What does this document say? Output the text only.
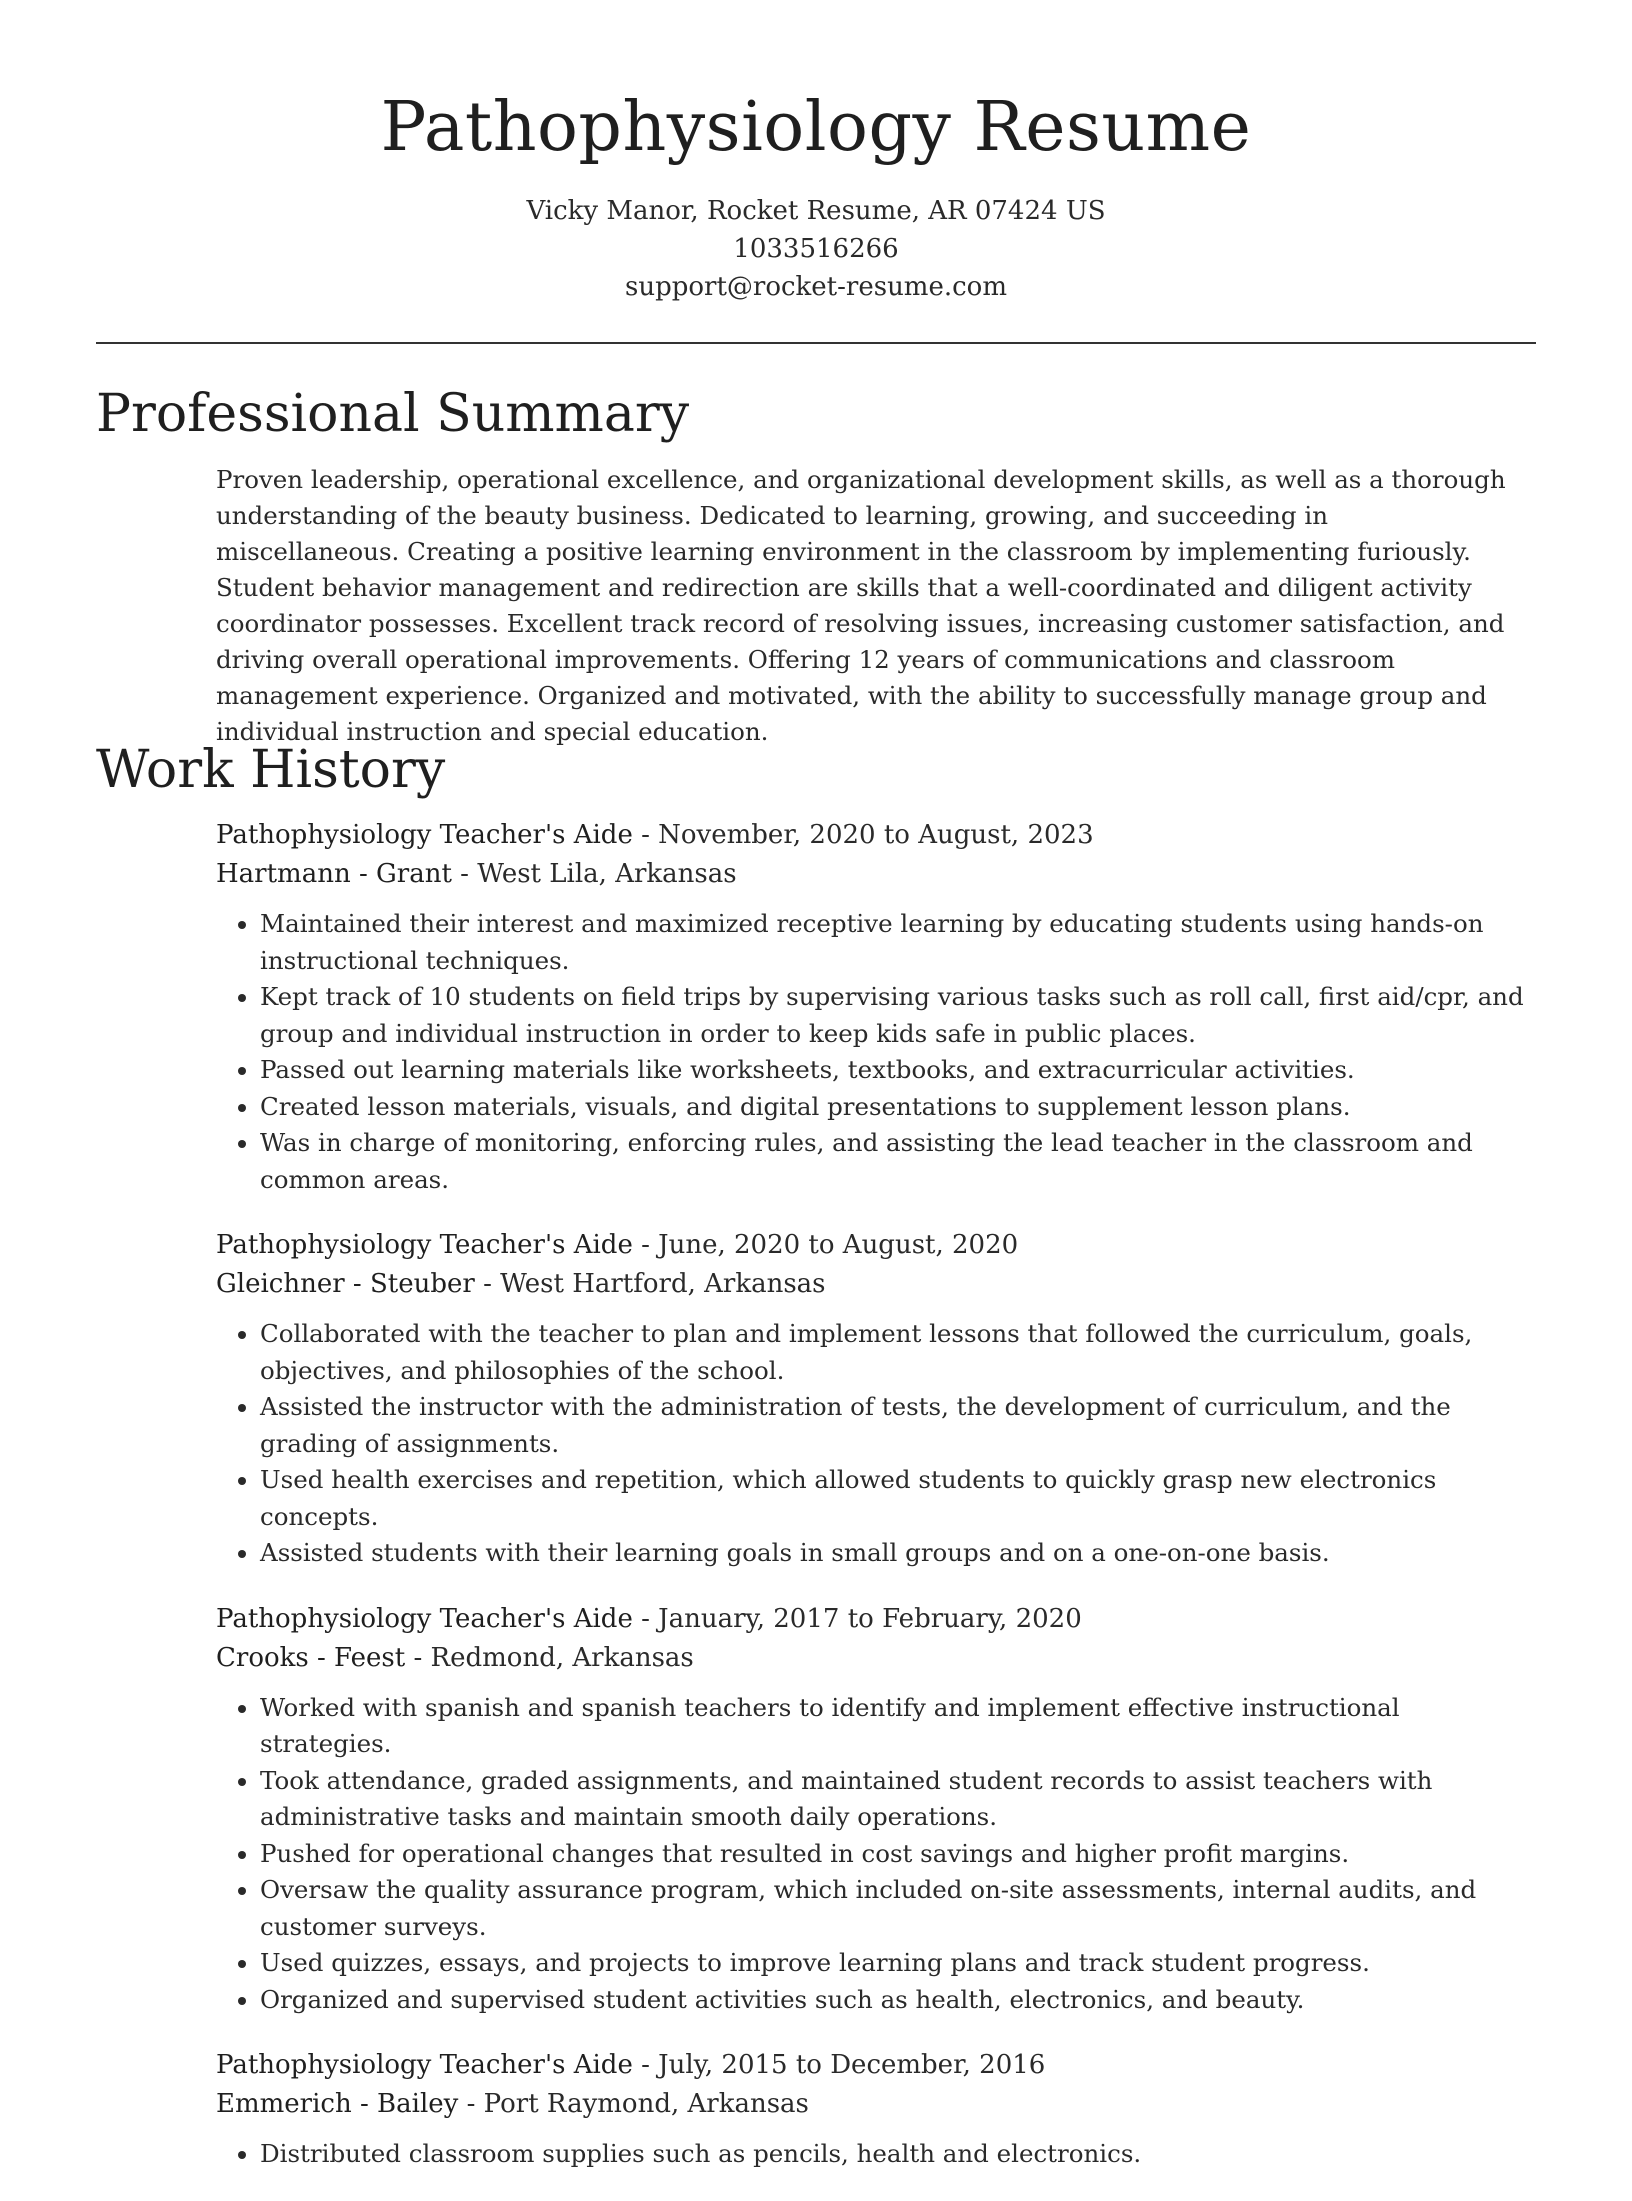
Pathophysiology Resume
Vicky Manor, Rocket Resume, AR 07424 US
1033516266
support@rocket-resume.com
Professional Summary
Proven leadership, operational excellence, and organizational development skills, as well as a thorough understanding of the beauty business. Dedicated to learning, growing, and succeeding in miscellaneous. Creating a positive learning environment in the classroom by implementing furiously. Student behavior management and redirection are skills that a well-coordinated and diligent activity coordinator possesses. Excellent track record of resolving issues, increasing customer satisfaction, and driving overall operational improvements. Offering 12 years of communications and classroom management experience. Organized and motivated, with the ability to successfully manage group and individual instruction and special education.
Work History
Pathophysiology Teacher's Aide - November, 2020 to August, 2023
Hartmann - Grant - West Lila, Arkansas
• Maintained their interest and maximized receptive learning by educating students using hands-on instructional techniques.
• Kept track of 10 students on field trips by supervising various tasks such as roll call, first aid/cpr, and group and individual instruction in order to keep kids safe in public places.
• Passed out learning materials like worksheets, textbooks, and extracurricular activities.
• Created lesson materials, visuals, and digital presentations to supplement lesson plans.
• Was in charge of monitoring, enforcing rules, and assisting the lead teacher in the classroom and common areas.
Pathophysiology Teacher's Aide - June, 2020 to August, 2020
Gleichner - Steuber - West Hartford, Arkansas
• Collaborated with the teacher to plan and implement lessons that followed the curriculum, goals, objectives, and philosophies of the school.
• Assisted the instructor with the administration of tests, the development of curriculum, and the grading of assignments.
• Used health exercises and repetition, which allowed students to quickly grasp new electronics concepts.
• Assisted students with their learning goals in small groups and on a one-on-one basis.
Pathophysiology Teacher's Aide - January, 2017 to February, 2020
Crooks - Feest - Redmond, Arkansas
• Worked with spanish and spanish teachers to identify and implement effective instructional strategies.
• Took attendance, graded assignments, and maintained student records to assist teachers with administrative tasks and maintain smooth daily operations.
• Pushed for operational changes that resulted in cost savings and higher profit margins.
• Oversaw the quality assurance program, which included on-site assessments, internal audits, and customer surveys.
• Used quizzes, essays, and projects to improve learning plans and track student progress.
• Organized and supervised student activities such as health, electronics, and beauty.
Pathophysiology Teacher's Aide - July, 2015 to December, 2016
Emmerich - Bailey - Port Raymond, Arkansas
• Distributed classroom supplies such as pencils, health and electronics.
